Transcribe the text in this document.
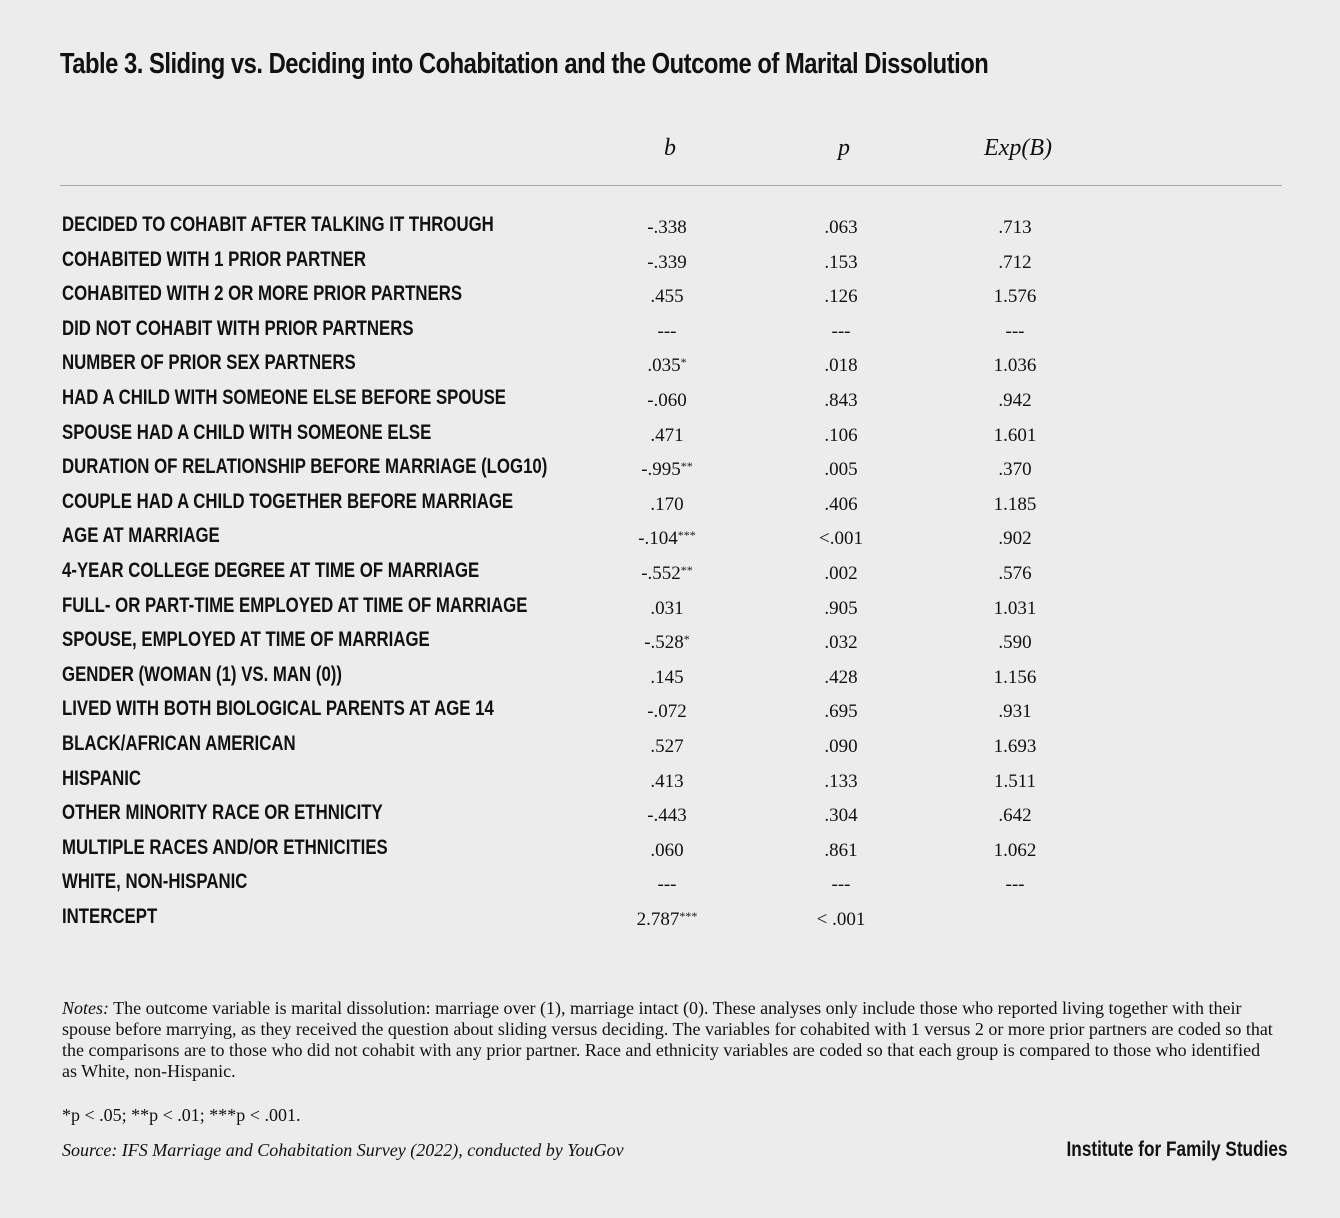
Table 3. Sliding vs. Deciding into Cohabitation and the Outcome of Marital Dissolution
b	p	Exp(B)
DECIDED TO COHABIT AFTER TALKING IT THROUGH	-.338	.063	.713
COHABITED WITH 1 PRIOR PARTNER	-.339	.153	.712
COHABITED WITH 2 OR MORE PRIOR PARTNERS	.455	.126	1.576
DID NOT COHABIT WITH PRIOR PARTNERS	---	---	---
NUMBER OF PRIOR SEX PARTNERS	.035*	.018	1.036
HAD A CHILD WITH SOMEONE ELSE BEFORE SPOUSE	-.060	.843	.942
SPOUSE HAD A CHILD WITH SOMEONE ELSE	.471	.106	1.601
DURATION OF RELATIONSHIP BEFORE MARRIAGE (LOG10)	-.995**	.005	.370
COUPLE HAD A CHILD TOGETHER BEFORE MARRIAGE	.170	.406	1.185
AGE AT MARRIAGE	-.104***	<.001	.902
4-YEAR COLLEGE DEGREE AT TIME OF MARRIAGE	-.552**	.002	.576
FULL- OR PART-TIME EMPLOYED AT TIME OF MARRIAGE	.031	.905	1.031
SPOUSE, EMPLOYED AT TIME OF MARRIAGE	-.528*	.032	.590
GENDER (WOMAN (1) VS. MAN (0))	.145	.428	1.156
LIVED WITH BOTH BIOLOGICAL PARENTS AT AGE 14	-.072	.695	.931
BLACK/AFRICAN AMERICAN	.527	.090	1.693
HISPANIC	.413	.133	1.511
OTHER MINORITY RACE OR ETHNICITY	-.443	.304	.642
MULTIPLE RACES AND/OR ETHNICITIES	.060	.861	1.062
WHITE, NON-HISPANIC	---	---	---
INTERCEPT	2.787***	< .001
Notes: The outcome variable is marital dissolution: marriage over (1), marriage intact (0). These analyses only include those who reported living together with their spouse before marrying, as they received the question about sliding versus deciding. The variables for cohabited with 1 versus 2 or more prior partners are coded so that the comparisons are to those who did not cohabit with any prior partner. Race and ethnicity variables are coded so that each group is compared to those who identified as White, non-Hispanic.
*p < .05; **p < .01; ***p < .001.
Source: IFS Marriage and Cohabitation Survey (2022), conducted by YouGov	Institute for Family Studies
